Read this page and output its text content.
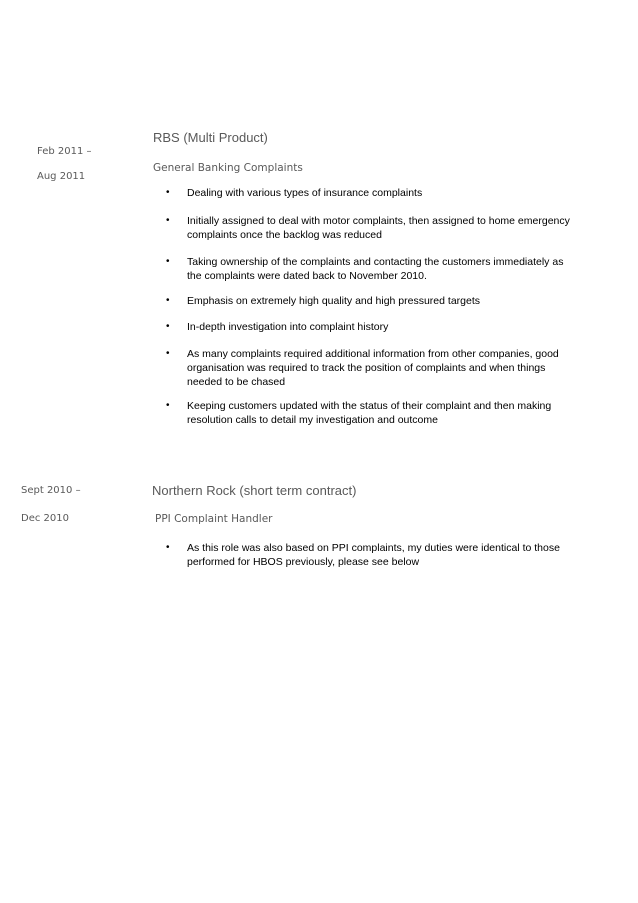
Feb 2011 –
Aug 2011
RBS (Multi Product)
General Banking Complaints
• Dealing with various types of insurance complaints
• Initially assigned to deal with motor complaints, then assigned to home emergency complaints once the backlog was reduced
• Taking ownership of the complaints and contacting the customers immediately as the complaints were dated back to November 2010.
• Emphasis on extremely high quality and high pressured targets
• In-depth investigation into complaint history
• As many complaints required additional information from other companies, good organisation was required to track the position of complaints and when things needed to be chased
• Keeping customers updated with the status of their complaint and then making resolution calls to detail my investigation and outcome
Sept 2010 –
Dec 2010
Northern Rock (short term contract)
PPI Complaint Handler
• As this role was also based on PPI complaints, my duties were identical to those performed for HBOS previously, please see below
